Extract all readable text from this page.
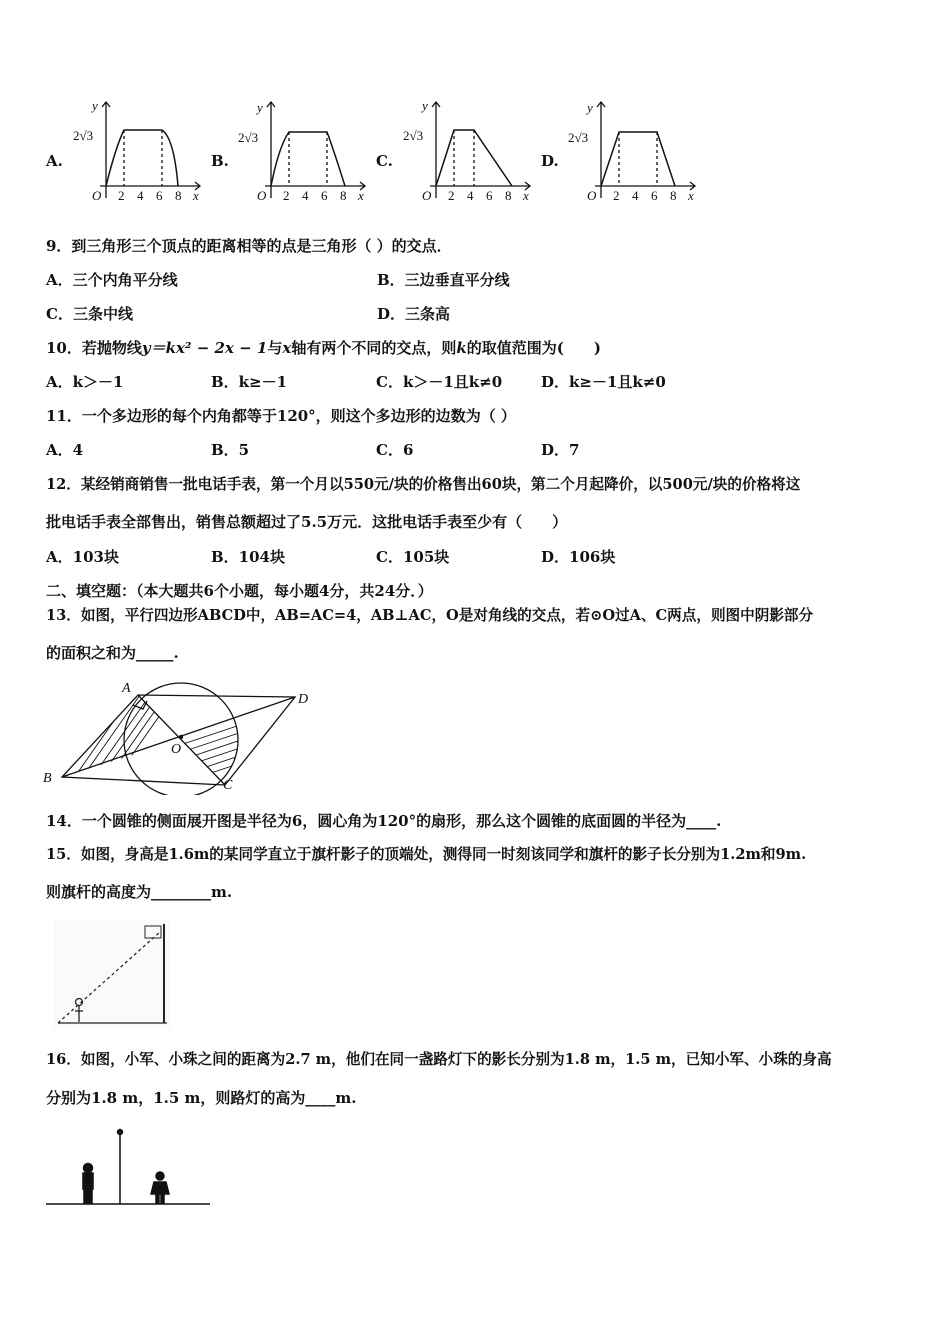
A.	B.	C.	D.
y
2√3
O 2 4 6 8 x
y
2√3
O 2 4 6 8 x
y
2√3
O 2 4 6 8 x
y
2√3
O 2 4 6 8 x
9．到三角形三个顶点的距离相等的点是三角形（ ）的交点．
A．三个内角平分线	B．三边垂直平分线
C．三条中线	D．三条高
10．若抛物线y＝kx² − 2x − 1与x轴有两个不同的交点，则k的取值范围为(　　)
A．k＞－1	B．k≥－1	C．k＞－1且k≠0	D．k≥－1且k≠0
11．一个多边形的每个内角都等于120°，则这个多边形的边数为（ ）
A．4	B．5	C．6	D．7
12．某经销商销售一批电话手表，第一个月以550元/块的价格售出60块，第二个月起降价，以500元/块的价格将这
批电话手表全部售出，销售总额超过了5.5万元．这批电话手表至少有（　　）
A．103块	B．104块	C．105块	D．106块
二、填空题：（本大题共6个小题，每小题4分，共24分．）
13．如图，平行四边形ABCD中，AB=AC=4，AB⊥AC，O是对角线的交点，若⊙O过A、C两点，则图中阴影部分
的面积之和为_____.
A
D
B	C
O
14．一个圆锥的侧面展开图是半径为6，圆心角为120°的扇形，那么这个圆锥的底面圆的半径为____.
15．如图，身高是1.6m的某同学直立于旗杆影子的顶端处，测得同一时刻该同学和旗杆的影子长分别为1.2m和9m.
则旗杆的高度为________m.
16．如图，小军、小珠之间的距离为2.7 m，他们在同一盏路灯下的影长分别为1.8 m，1.5 m，已知小军、小珠的身高
分别为1.8 m，1.5 m，则路灯的高为____m.
